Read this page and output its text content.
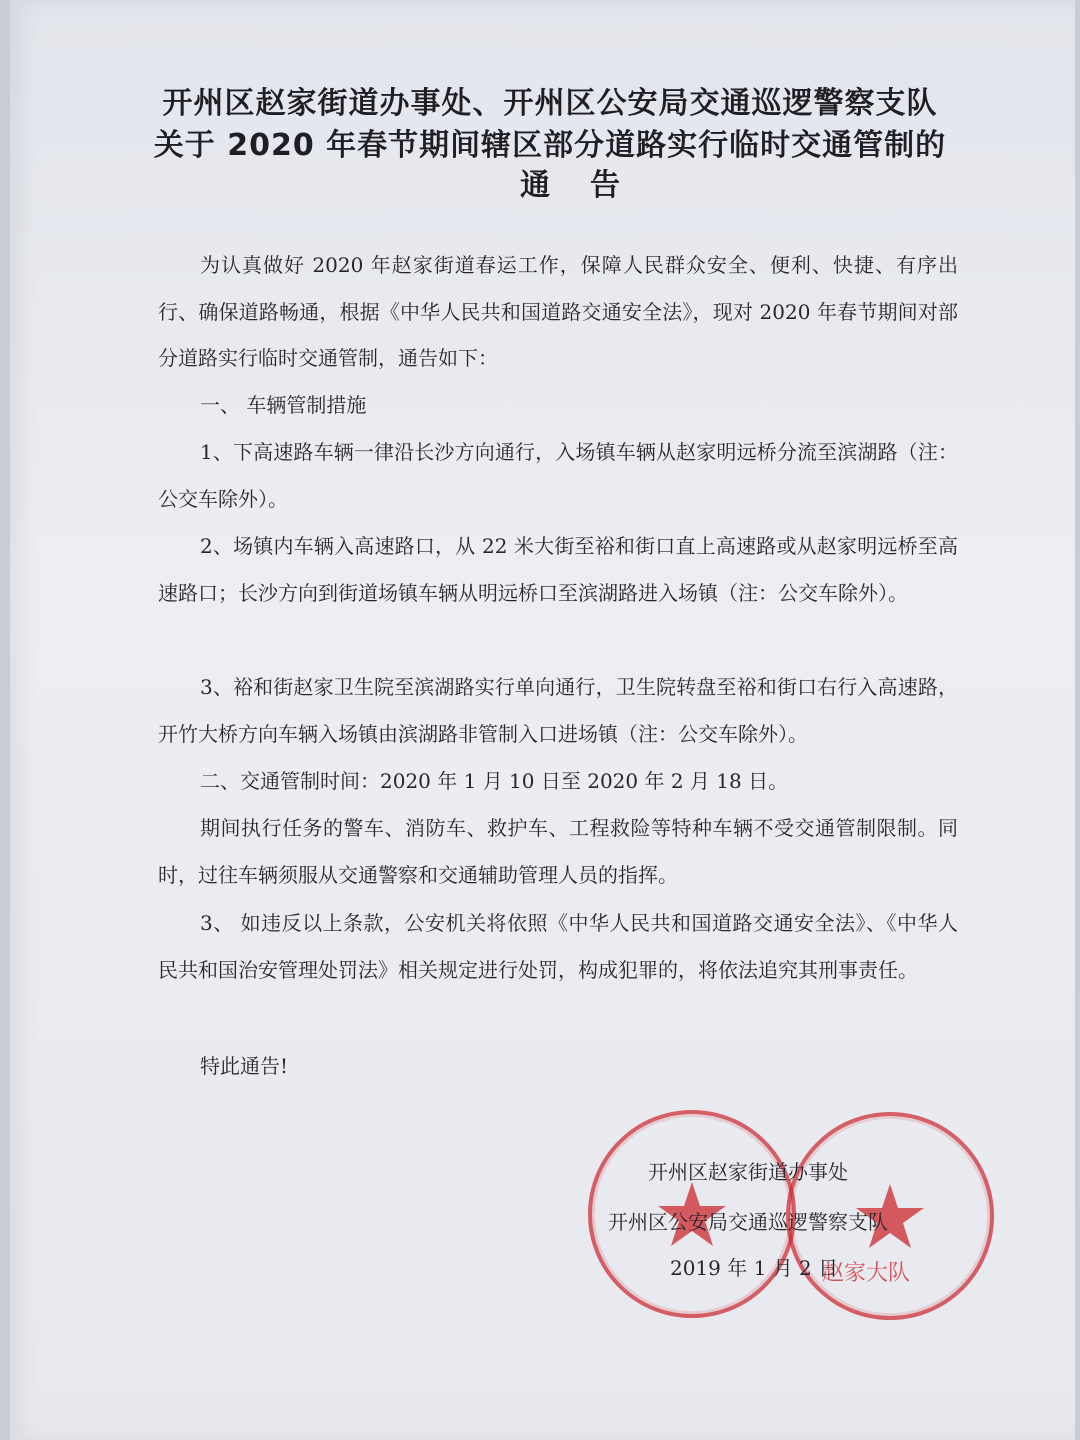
开州区赵家街道办事处、开州区公安局交通巡逻警察支队
关于 2020 年春节期间辖区部分道路实行临时交通管制的
通告

为认真做好 2020 年赵家街道春运工作，保障人民群众安全、便利、快捷、有序出行、确保道路畅通，根据《中华人民共和国道路交通安全法》，现对 2020 年春节期间对部分道路实行临时交通管制，通告如下：

一、 车辆管制措施

1、下高速路车辆一律沿长沙方向通行，入场镇车辆从赵家明远桥分流至滨湖路（注：公交车除外）。

2、场镇内车辆入高速路口，从 22 米大街至裕和街口直上高速路或从赵家明远桥至高速路口；长沙方向到街道场镇车辆从明远桥口至滨湖路进入场镇（注：公交车除外）。

3、裕和街赵家卫生院至滨湖路实行单向通行，卫生院转盘至裕和街口右行入高速路，开竹大桥方向车辆入场镇由滨湖路非管制入口进场镇（注：公交车除外）。

二、交通管制时间：2020 年 1 月 10 日至 2020 年 2 月 18 日。

期间执行任务的警车、消防车、救护车、工程救险等特种车辆不受交通管制限制。同时，过往车辆须服从交通警察和交通辅助管理人员的指挥。

3、 如违反以上条款，公安机关将依照《中华人民共和国道路交通安全法》、《中华人民共和国治安管理处罚法》相关规定进行处罚，构成犯罪的，将依法追究其刑事责任。

特此通告!

赵家大队
开州区赵家街道办事处
开州区公安局交通巡逻警察支队
2019 年 1 月 2 日
